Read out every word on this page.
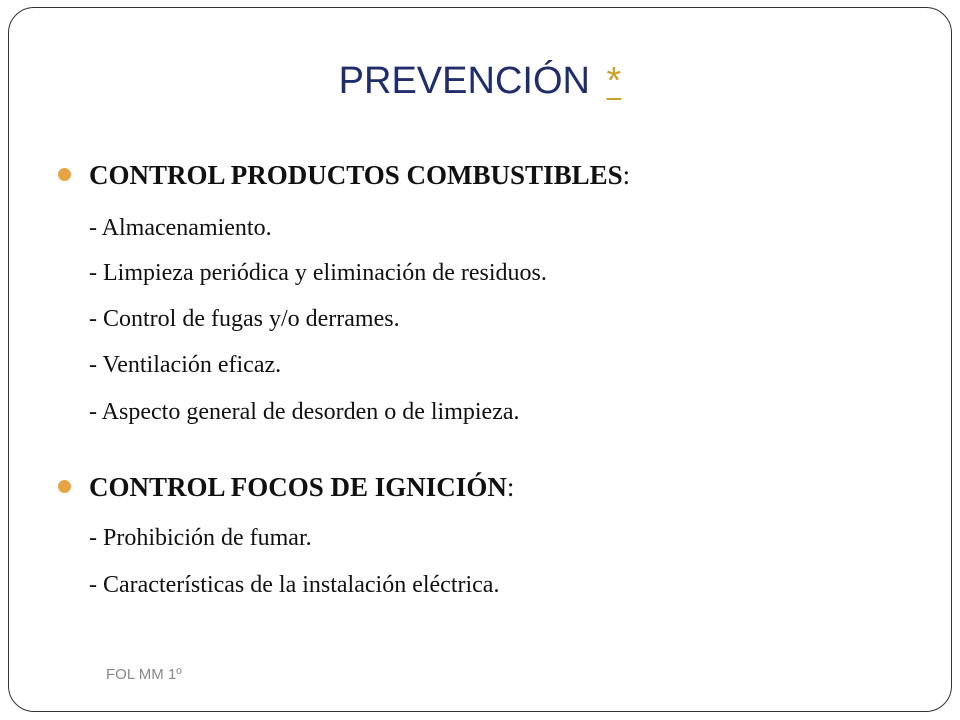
PREVENCIÓN *
CONTROL PRODUCTOS COMBUSTIBLES:
- Almacenamiento.
- Limpieza periódica y eliminación de residuos.
- Control de fugas y/o derrames.
- Ventilación eficaz.
- Aspecto general de desorden o de limpieza.
CONTROL FOCOS DE IGNICIÓN:
- Prohibición de fumar.
- Características de la instalación eléctrica.
FOL MM 1º
